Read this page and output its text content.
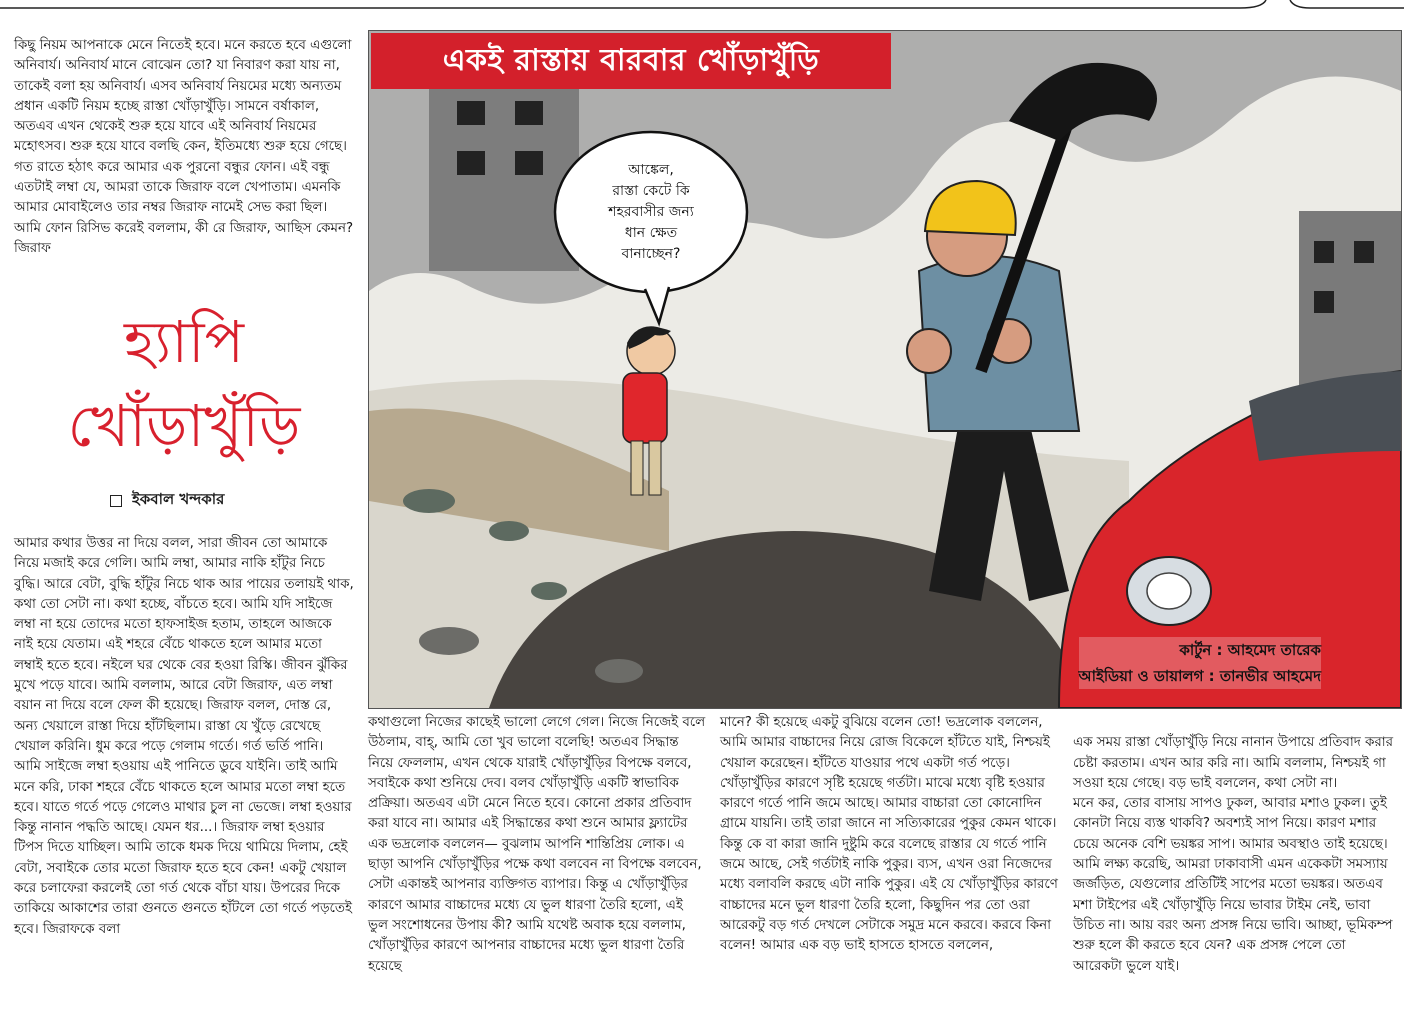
কিছু নিয়ম আপনাকে মেনে নিতেই হবে। মনে করতে হবে এগুলো অনিবার্য। অনিবার্য মানে বোঝেন তো? যা নিবারণ করা যায় না, তাকেই বলা হয় অনিবার্য। এসব অনিবার্য নিয়মের মধ্যে অন্যতম প্রধান একটি নিয়ম হচ্ছে রাস্তা খোঁড়াখুঁড়ি। সামনে বর্ষাকাল, অতএব এখন থেকেই শুরু হয়ে যাবে এই অনিবার্য নিয়মের মহোৎসব। শুরু হয়ে যাবে বলছি কেন, ইতিমধ্যে শুরু হয়ে গেছে। গত রাতে হঠাৎ করে আমার এক পুরনো বন্ধুর ফোন। এই বন্ধু এতটাই লম্বা যে, আমরা তাকে জিরাফ বলে খেপাতাম। এমনকি আমার মোবাইলেও তার নম্বর জিরাফ নামেই সেভ করা ছিল। আমি ফোন রিসিভ করেই বললাম, কী রে জিরাফ, আছিস কেমন? জিরাফ

হ্যাপি
খোঁড়াখুঁড়ি
ইকবাল খন্দকার

আমার কথার উত্তর না দিয়ে বলল, সারা জীবন তো আমাকে নিয়ে মজাই করে গেলি। আমি লম্বা, আমার নাকি হাঁটুর নিচে বুদ্ধি। আরে বেটা, বুদ্ধি হাঁটুর নিচে থাক আর পায়ের তলায়ই থাক, কথা তো সেটা না। কথা হচ্ছে, বাঁচতে হবে। আমি যদি সাইজে লম্বা না হয়ে তোদের মতো হাফসাইজ হতাম, তাহলে আজকে নাই হয়ে যেতাম। এই শহরে বেঁচে থাকতে হলে আমার মতো লম্বাই হতে হবে। নইলে ঘর থেকে বের হওয়া রিস্কি। জীবন ঝুঁকির মুখে পড়ে যাবে। আমি বললাম, আরে বেটা জিরাফ, এত লম্বা বয়ান না দিয়ে বলে ফেল কী হয়েছে। জিরাফ বলল, দোস্ত রে, অন্য খেয়ালে রাস্তা দিয়ে হাঁটছিলাম। রাস্তা যে খুঁড়ে রেখেছে খেয়াল করিনি। ধুম করে পড়ে গেলাম গর্তে। গর্ত ভর্তি পানি। আমি সাইজে লম্বা হওয়ায় এই পানিতে ডুবে যাইনি। তাই আমি মনে করি, ঢাকা শহরে বেঁচে থাকতে হলে আমার মতো লম্বা হতে হবে। যাতে গর্তে পড়ে গেলেও মাথার চুল না ভেজে। লম্বা হওয়ার কিন্তু নানান পদ্ধতি আছে। যেমন ধর...। জিরাফ লম্বা হওয়ার টিপস দিতে যাচ্ছিল। আমি তাকে ধমক দিয়ে থামিয়ে দিলাম, হেই বেটা, সবাইকে তোর মতো জিরাফ হতে হবে কেন! একটু খেয়াল করে চলাফেরা করলেই তো গর্ত থেকে বাঁচা যায়। উপরের দিকে তাকিয়ে আকাশের তারা গুনতে গুনতে হাঁটলে তো গর্তে পড়তেই হবে। জিরাফকে বলা

একই রাস্তায় বারবার খোঁড়াখুঁড়ি
আঙ্কেল,
রাস্তা কেটে কি
শহরবাসীর জন্য
ধান ক্ষেত
বানাচ্ছেন?
কার্টুন : আহমেদ তারেক
আইডিয়া ও ডায়ালগ : তানভীর আহমেদ

কথাগুলো নিজের কাছেই ভালো লেগে গেল। নিজে নিজেই বলে উঠলাম, বাহ্‌, আমি তো খুব ভালো বলেছি! অতএব সিদ্ধান্ত নিয়ে ফেললাম, এখন থেকে যারাই খোঁড়াখুঁড়ির বিপক্ষে বলবে, সবাইকে কথা শুনিয়ে দেব। বলব খোঁড়াখুঁড়ি একটি স্বাভাবিক প্রক্রিয়া। অতএব এটা মেনে নিতে হবে। কোনো প্রকার প্রতিবাদ করা যাবে না। আমার এই সিদ্ধান্তের কথা শুনে আমার ফ্ল্যাটের এক ভদ্রলোক বললেন— বুঝলাম আপনি শান্তিপ্রিয় লোক। এ ছাড়া আপনি খোঁড়াখুঁড়ির পক্ষে কথা বলবেন না বিপক্ষে বলবেন, সেটা একান্তই আপনার ব্যক্তিগত ব্যাপার। কিন্তু এ খোঁড়াখুঁড়ির কারণে আমার বাচ্চাদের মধ্যে যে ভুল ধারণা তৈরি হলো, এই ভুল সংশোধনের উপায় কী? আমি যথেষ্ট অবাক হয়ে বললাম, খোঁড়াখুঁড়ির কারণে আপনার বাচ্চাদের মধ্যে ভুল ধারণা তৈরি হয়েছে

মানে? কী হয়েছে একটু বুঝিয়ে বলেন তো! ভদ্রলোক বললেন, আমি আমার বাচ্চাদের নিয়ে রোজ বিকেলে হাঁটতে যাই, নিশ্চয়ই খেয়াল করেছেন। হাঁটতে যাওয়ার পথে একটা গর্ত পড়ে। খোঁড়াখুঁড়ির কারণে সৃষ্টি হয়েছে গর্তটা। মাঝে মধ্যে বৃষ্টি হওয়ার কারণে গর্তে পানি জমে আছে। আমার বাচ্চারা তো কোনোদিন গ্রামে যায়নি। তাই তারা জানে না সত্যিকারের পুকুর কেমন থাকে। কিন্তু কে বা কারা জানি দুষ্টুমি করে বলেছে রাস্তার যে গর্তে পানি জমে আছে, সেই গর্তটাই নাকি পুকুর। ব্যস, এখন ওরা নিজেদের মধ্যে বলাবলি করছে এটা নাকি পুকুর। এই যে খোঁড়াখুঁড়ির কারণে বাচ্চাদের মনে ভুল ধারণা তৈরি হলো, কিছুদিন পর তো ওরা আরেকটু বড় গর্ত দেখলে সেটাকে সমুদ্র মনে করবে। করবে কিনা বলেন! আমার এক বড় ভাই হাসতে হাসতে বললেন,

এক সময় রাস্তা খোঁড়াখুঁড়ি নিয়ে নানান উপায়ে প্রতিবাদ করার চেষ্টা করতাম। এখন আর করি না। আমি বললাম, নিশ্চয়ই গা সওয়া হয়ে গেছে। বড় ভাই বললেন, কথা সেটা না।
মনে কর, তোর বাসায় সাপও ঢুকল, আবার মশাও ঢুকল। তুই কোনটা নিয়ে ব্যস্ত থাকবি? অবশ্যই সাপ নিয়ে। কারণ মশার চেয়ে অনেক বেশি ভয়ঙ্কর সাপ। আমার অবস্থাও তাই হয়েছে। আমি লক্ষ্য করেছি, আমরা ঢাকাবাসী এমন একেকটা সমস্যায় জর্জড়িত, যেগুলোর প্রতিটিই সাপের মতো ভয়ঙ্কর। অতএব মশা টাইপের এই খোঁড়াখুঁড়ি নিয়ে ভাবার টাইম নেই, ভাবা উচিত না। আয় বরং অন্য প্রসঙ্গ নিয়ে ভাবি। আচ্ছা, ভূমিকম্প শুরু হলে কী করতে হবে যেন? এক প্রসঙ্গ পেলে তো আরেকটা ভুলে যাই।
